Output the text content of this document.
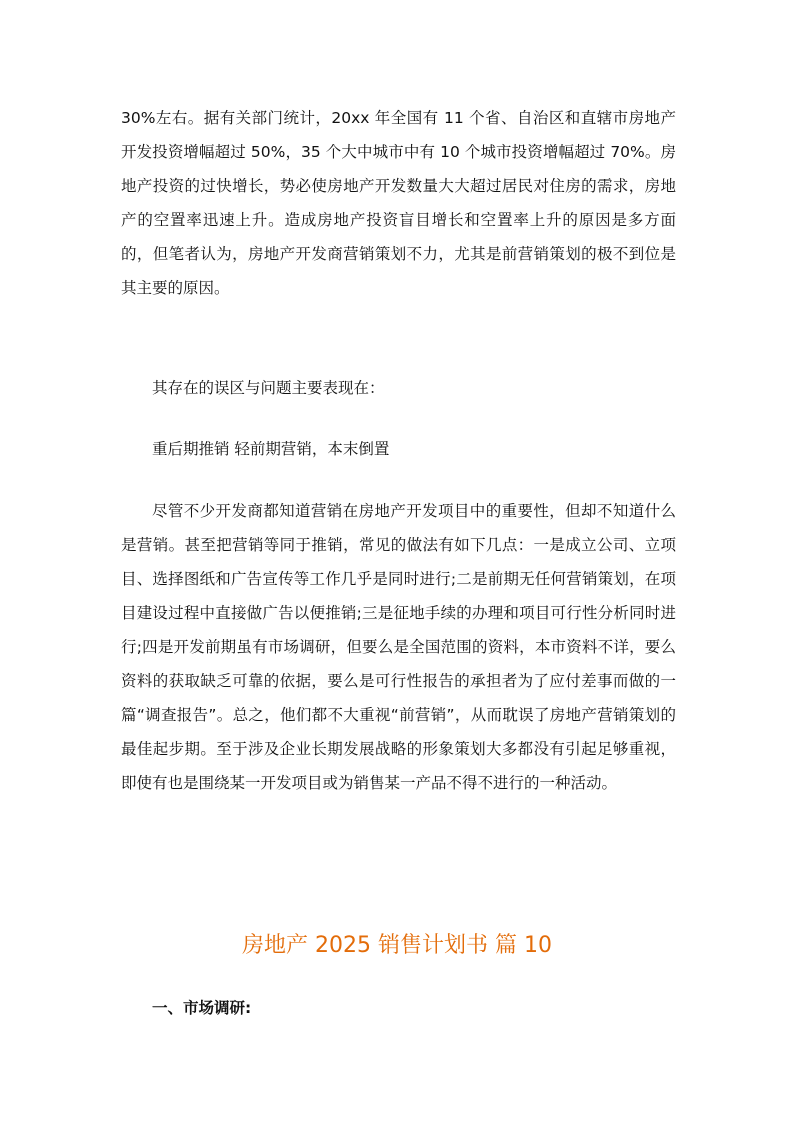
30%左右。据有关部门统计，20xx 年全国有 11 个省、自治区和直辖市房地产开发投资增幅超过 50%，35 个大中城市中有 10 个城市投资增幅超过 70%。房地产投资的过快增长，势必使房地产开发数量大大超过居民对住房的需求，房地产的空置率迅速上升。造成房地产投资盲目增长和空置率上升的原因是多方面的，但笔者认为，房地产开发商营销策划不力，尤其是前营销策划的极不到位是其主要的原因。

其存在的误区与问题主要表现在：

重后期推销 轻前期营销，本末倒置

尽管不少开发商都知道营销在房地产开发项目中的重要性，但却不知道什么是营销。甚至把营销等同于推销，常见的做法有如下几点：一是成立公司、立项目、选择图纸和广告宣传等工作几乎是同时进行;二是前期无任何营销策划，在项目建设过程中直接做广告以便推销;三是征地手续的办理和项目可行性分析同时进行;四是开发前期虽有市场调研，但要么是全国范围的资料，本市资料不详，要么资料的获取缺乏可靠的依据，要么是可行性报告的承担者为了应付差事而做的一篇“调查报告”。总之，他们都不大重视“前营销”，从而耽误了房地产营销策划的最佳起步期。至于涉及企业长期发展战略的形象策划大多都没有引起足够重视，即使有也是围绕某一开发项目或为销售某一产品不得不进行的一种活动。

房地产 2025 销售计划书 篇 10

一、市场调研:
